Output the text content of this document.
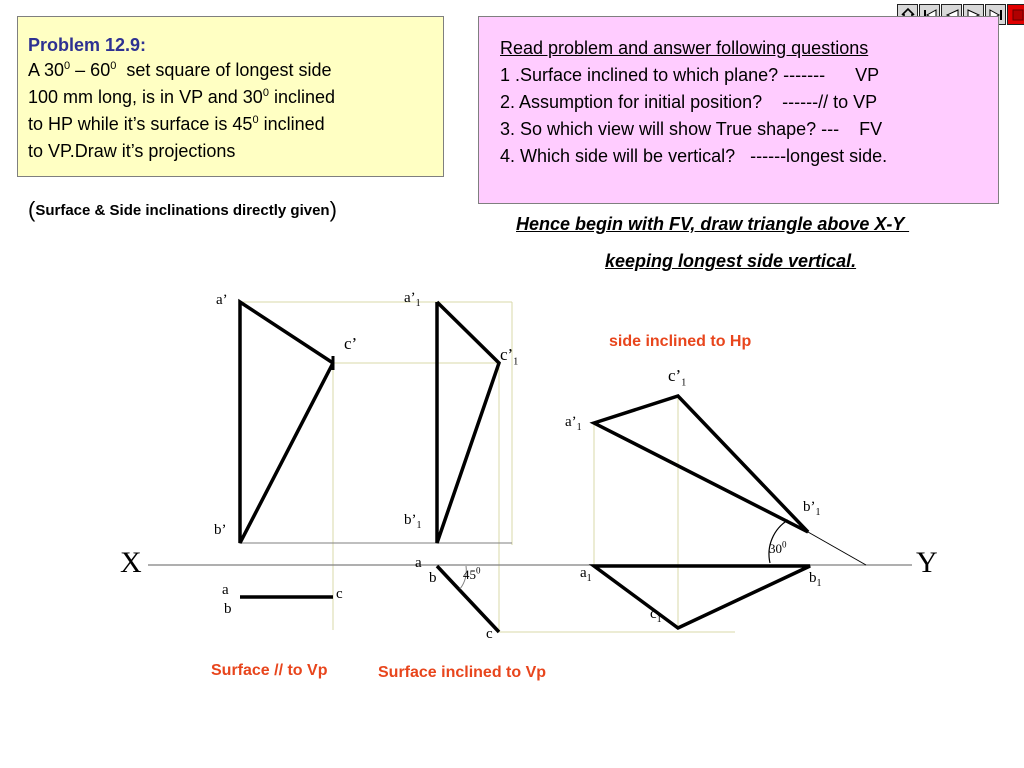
Problem 12.9:
A $30^0 - 60^0$  set square of longest side
100 mm long, is in VP and $30^0$ inclined
to HP while it’s surface is $45^0$ inclined
to VP.Draw it’s projections
(Surface & Side inclinations directly given)
Read problem and answer following questions
1 .Surface inclined to which plane? -------      VP
2. Assumption for initial position?    ------// to VP
3. So which view will show True shape? ---    FV
4. Which side will be vertical?   ------longest side.
Hence begin with FV, draw triangle above X-Y
keeping longest side vertical.
a’
c’
b’
a
b
c
$a’_1$
$c’_1$
$b’_1$
a
b
c
$45^0$
$c’_1$
$a’_1$
$b’_1$
$30^0$
$a_1$	$b_1$
$c_1$
X	Y
side inclined to Hp
Surface // to Vp	Surface inclined to Vp
